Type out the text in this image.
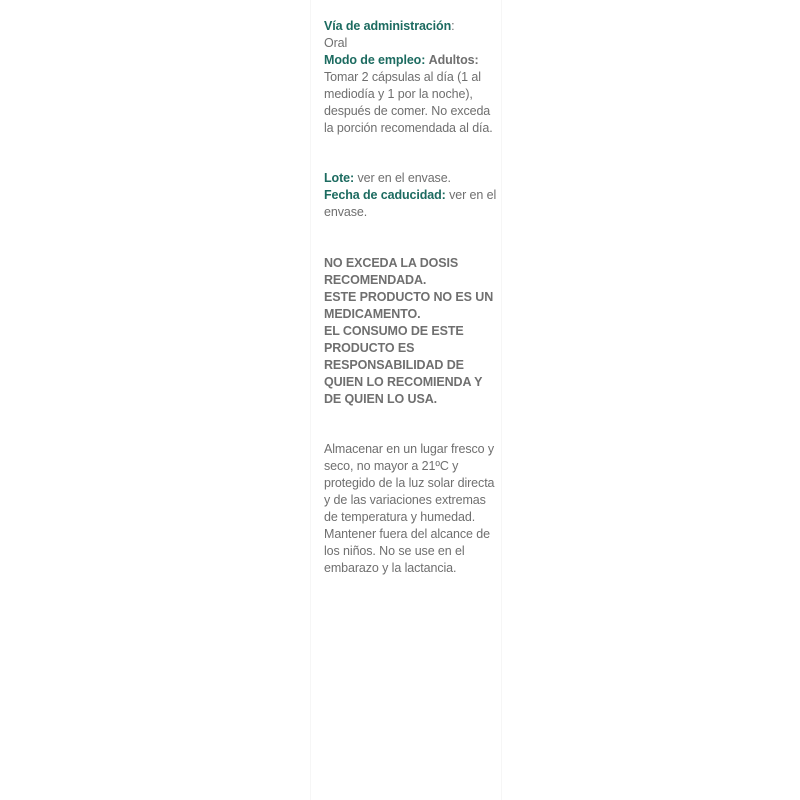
Vía de administración:
Oral
Modo de empleo: Adultos: Tomar 2 cápsulas al día (1 al mediodía y 1 por la noche), después de comer. No exceda la porción recomendada al día.

Lote: ver en el envase.
Fecha de caducidad: ver en el envase.

NO EXCEDA LA DOSIS RECOMENDADA.
ESTE PRODUCTO NO ES UN MEDICAMENTO.
EL CONSUMO DE ESTE PRODUCTO ES RESPONSABILIDAD DE QUIEN LO RECOMIENDA Y DE QUIEN LO USA.

Almacenar en un lugar fresco y seco, no mayor a 21ºC y protegido de la luz solar directa y de las variaciones extremas de temperatura y humedad. Mantener fuera del alcance de los niños. No se use en el embarazo y la lactancia.
